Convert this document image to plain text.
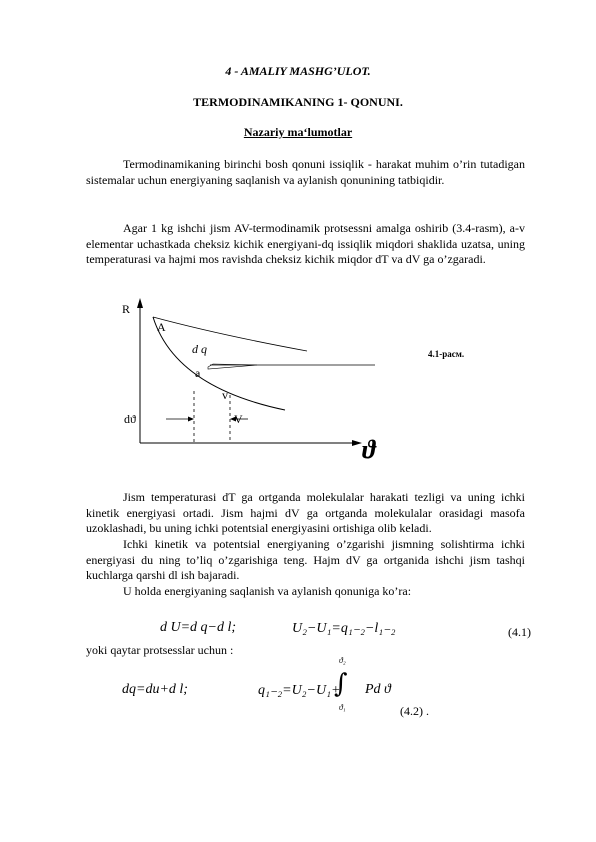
4 - AMALIY MASHG’ULOT.
TERMODINAMIKANING 1- QONUNI.
Nazariy ma‘lumotlar
Termodinamikaning birinchi bosh qonuni issiqlik - harakat muhim o’rin tutadigan sistemalar uchun energiyaning saqlanish va aylanish qonunining tatbiqidir.
Agar 1 kg ishchi jism AV-termodinamik protsessni amalga oshirib (3.4-rasm), a-v elementar uchastkada cheksiz kichik energiyani-dq issiqlik miqdori shaklida uzatsa, uning temperaturasi va hajmi mos ravishda cheksiz kichik miqdor dT va dV ga o’zgaradi.
R
A
d q
a
v
V
dϑ
ϑ
4.1-расм.
Jism temperaturasi dT ga ortganda molekulalar harakati tezligi va uning ichki kinetik energiyasi ortadi. Jism hajmi dV ga ortganda molekulalar orasidagi masofa uzoklashadi, bu uning ichki potentsial energiyasini ortishiga olib keladi.
Ichki kinetik va potentsial energiyaning o’zgarishi jismning solishtirma ichki energiyasi du ning to’liq o’zgarishiga teng. Hajm dV ga ortganida ishchi jism tashqi kuchlarga qarshi dl ish bajaradi.
U holda energiyaning saqlanish va aylanish qonuniga ko’ra:
d U=d q−d l;	U₂−U₁=q₁₋₂−l₁₋₂	(4.1)
yoki qaytar protsesslar uchun :
dq=du+d l;	q₁₋₂=U₂−U₁+
∫
ϑ₂
ϑ₁
Pd ϑ
(4.2) .
